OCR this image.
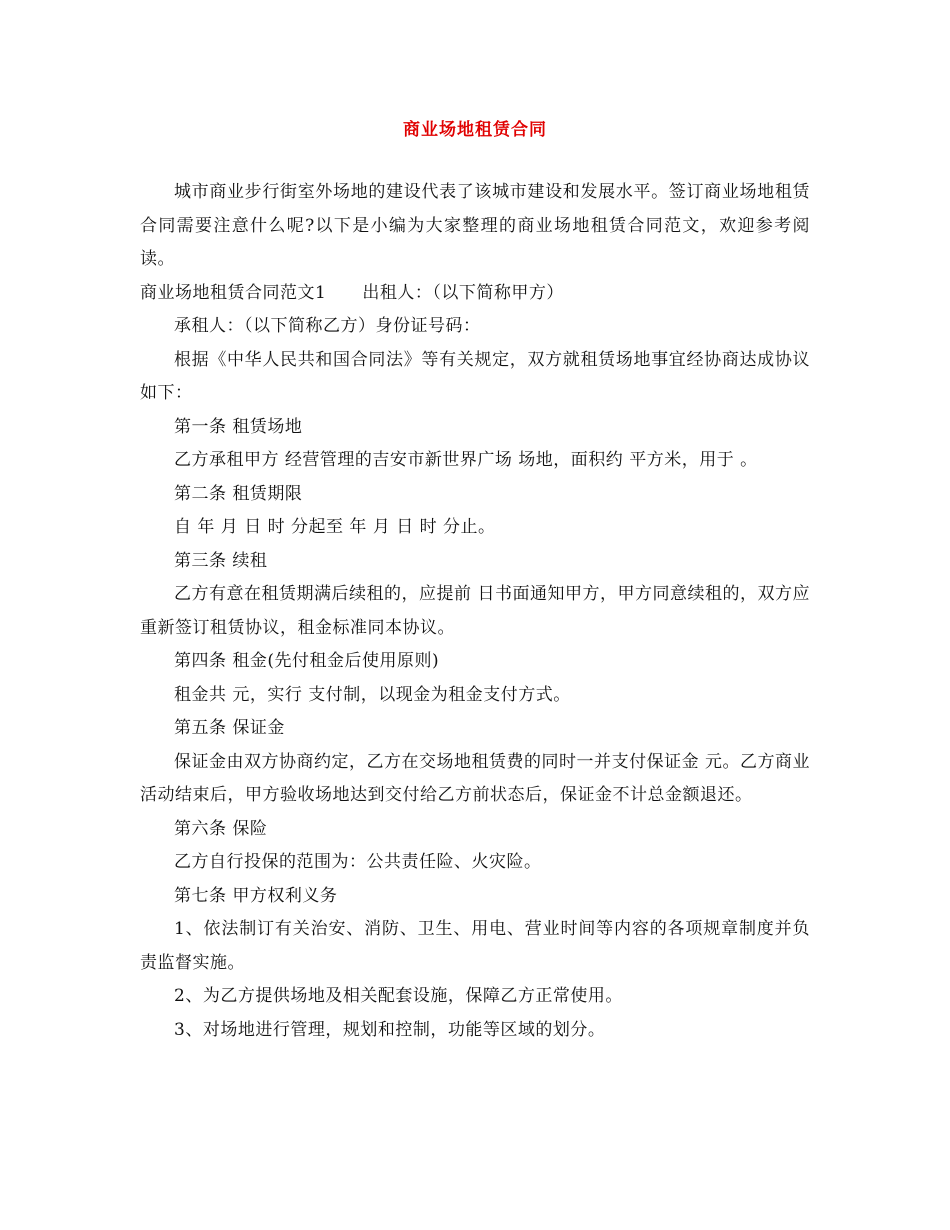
商业场地租赁合同

城市商业步行街室外场地的建设代表了该城市建设和发展水平。签订商业场地租赁合同需要注意什么呢?以下是小编为大家整理的商业场地租赁合同范文，欢迎参考阅读。

商业场地租赁合同范文1 出租人：（以下简称甲方）

承租人：（以下简称乙方）身份证号码：

根据《中华人民共和国合同法》等有关规定，双方就租赁场地事宜经协商达成协议如下：

第一条 租赁场地

乙方承租甲方 经营管理的吉安市新世界广场 场地，面积约 平方米，用于 。

第二条 租赁期限

自 年 月 日 时 分起至 年 月 日 时 分止。

第三条 续租

乙方有意在租赁期满后续租的，应提前 日书面通知甲方，甲方同意续租的，双方应重新签订租赁协议，租金标准同本协议。

第四条 租金(先付租金后使用原则)

租金共 元，实行 支付制，以现金为租金支付方式。

第五条 保证金

保证金由双方协商约定，乙方在交场地租赁费的同时一并支付保证金 元。乙方商业活动结束后，甲方验收场地达到交付给乙方前状态后，保证金不计总金额退还。

第六条 保险

乙方自行投保的范围为：公共责任险、火灾险。

第七条 甲方权利义务

1、依法制订有关治安、消防、卫生、用电、营业时间等内容的各项规章制度并负责监督实施。

2、为乙方提供场地及相关配套设施，保障乙方正常使用。

3、对场地进行管理，规划和控制，功能等区域的划分。
